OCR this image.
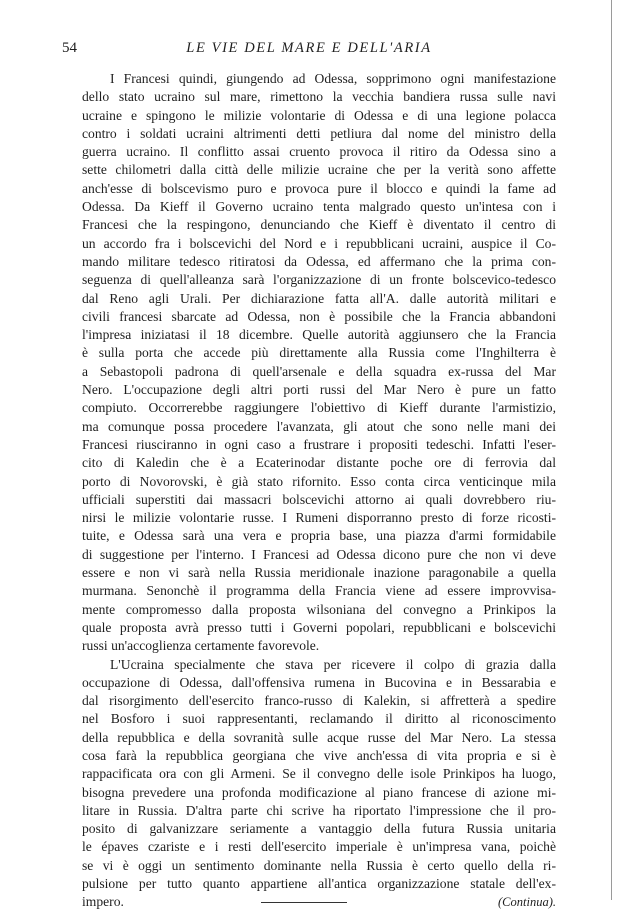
54	LE VIE DEL MARE E DELL'ARIA
I Francesi quindi, giungendo ad Odessa, sopprimono ogni manifestazione
dello stato ucraino sul mare, rimettono la vecchia bandiera russa sulle navi
ucraine e spingono le milizie volontarie di Odessa e di una legione polacca
contro i soldati ucraini altrimenti detti petliura dal nome del ministro della
guerra ucraino. Il conflitto assai cruento provoca il ritiro da Odessa sino a
sette chilometri dalla città delle milizie ucraine che per la verità sono affette
anch'esse di bolscevismo puro e provoca pure il blocco e quindi la fame ad
Odessa. Da Kieff il Governo ucraino tenta malgrado questo un'intesa con i
Francesi che la respingono, denunciando che Kieff è diventato il centro di
un accordo fra i bolscevichi del Nord e i repubblicani ucraini, auspice il Co-
mando militare tedesco ritiratosi da Odessa, ed affermano che la prima con-
seguenza di quell'alleanza sarà l'organizzazione di un fronte bolscevico-tedesco
dal Reno agli Urali. Per dichiarazione fatta all'A. dalle autorità militari e
civili francesi sbarcate ad Odessa, non è possibile che la Francia abbandoni
l'impresa iniziatasi il 18 dicembre. Quelle autorità aggiunsero che la Francia
è sulla porta che accede più direttamente alla Russia come l'Inghilterra è
a Sebastopoli padrona di quell'arsenale e della squadra ex-russa del Mar
Nero. L'occupazione degli altri porti russi del Mar Nero è pure un fatto
compiuto. Occorrerebbe raggiungere l'obiettivo di Kieff durante l'armistizio,
ma comunque possa procedere l'avanzata, gli atout che sono nelle mani dei
Francesi riusciranno in ogni caso a frustrare i propositi tedeschi. Infatti l'eser-
cito di Kaledin che è a Ecaterinodar distante poche ore di ferrovia dal
porto di Novorovski, è già stato rifornito. Esso conta circa venticinque mila
ufficiali superstiti dai massacri bolscevichi attorno ai quali dovrebbero riu-
nirsi le milizie volontarie russe. I Rumeni disporranno presto di forze ricosti-
tuite, e Odessa sarà una vera e propria base, una piazza d'armi formidabile
di suggestione per l'interno. I Francesi ad Odessa dicono pure che non vi deve
essere e non vi sarà nella Russia meridionale inazione paragonabile a quella
murmana. Senonchè il programma della Francia viene ad essere improvvisa-
mente compromesso dalla proposta wilsoniana del convegno a Prinkipos la
quale proposta avrà presso tutti i Governi popolari, repubblicani e bolscevichi
russi un'accoglienza certamente favorevole.
L'Ucraina specialmente che stava per ricevere il colpo di grazia dalla
occupazione di Odessa, dall'offensiva rumena in Bucovina e in Bessarabia e
dal risorgimento dell'esercito franco-russo di Kalekin, si affretterà a spedire
nel Bosforo i suoi rappresentanti, reclamando il diritto al riconoscimento
della repubblica e della sovranità sulle acque russe del Mar Nero. La stessa
cosa farà la repubblica georgiana che vive anch'essa di vita propria e si è
rappacificata ora con gli Armeni. Se il convegno delle isole Prinkipos ha luogo,
bisogna prevedere una profonda modificazione al piano francese di azione mi-
litare in Russia. D'altra parte chi scrive ha riportato l'impressione che il pro-
posito di galvanizzare seriamente a vantaggio della futura Russia unitaria
le épaves czariste e i resti dell'esercito imperiale è un'impresa vana, poichè
se vi è oggi un sentimento dominante nella Russia è certo quello della ri-
pulsione per tutto quanto appartiene all'antica organizzazione statale dell'ex-
impero.	(Continua).
